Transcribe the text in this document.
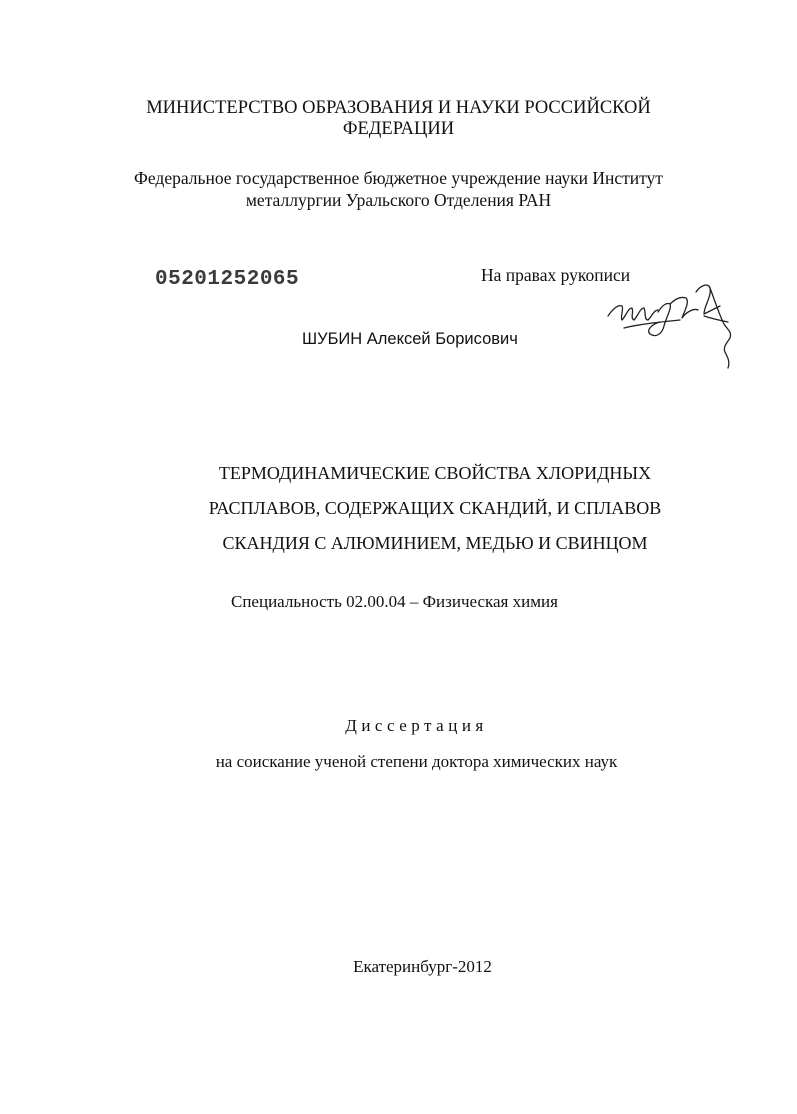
МИНИСТЕРСТВО ОБРАЗОВАНИЯ И НАУКИ РОССИЙСКОЙ
ФЕДЕРАЦИИ
Федеральное государственное бюджетное учреждение науки Институт
металлургии Уральского Отделения РАН
05201252065	На правах рукописи
ШУБИН Алексей Борисович
ТЕРМОДИНАМИЧЕСКИЕ СВОЙСТВА ХЛОРИДНЫХ
РАСПЛАВОВ, СОДЕРЖАЩИХ СКАНДИЙ, И СПЛАВОВ
СКАНДИЯ С АЛЮМИНИЕМ, МЕДЬЮ И СВИНЦОМ
Специальность 02.00.04 – Физическая химия
Диссертация
на соискание ученой степени доктора химических наук
Екатеринбург-2012
